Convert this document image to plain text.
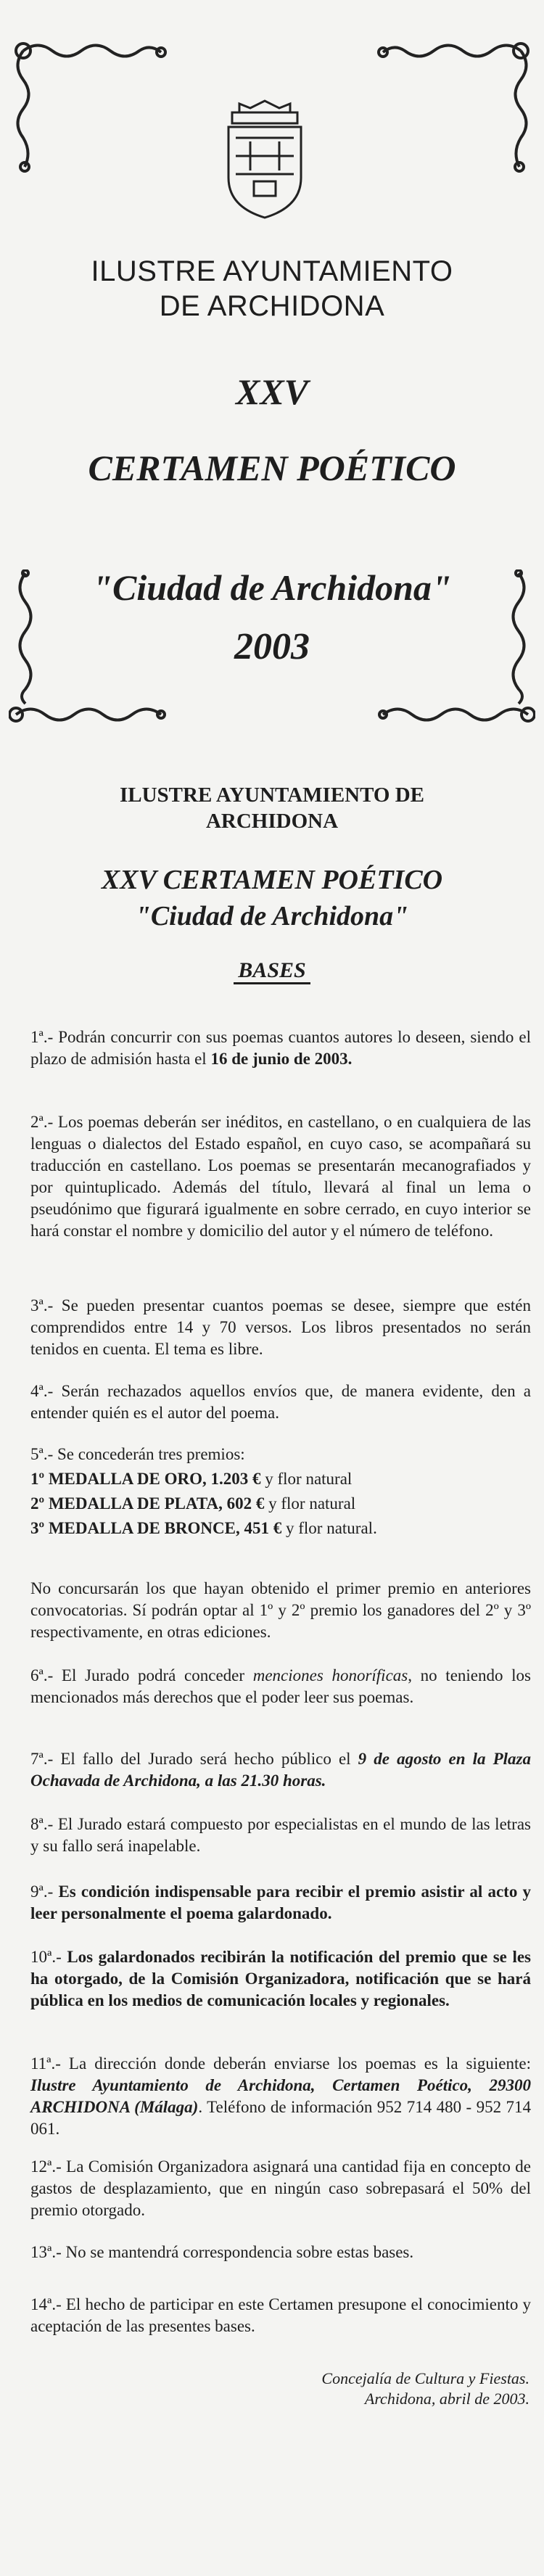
ILUSTRE AYUNTAMIENTO
DE ARCHIDONA
XXV
CERTAMEN POÉTICO
"Ciudad de Archidona"
2003
ILUSTRE AYUNTAMIENTO DE
ARCHIDONA
XXV CERTAMEN POÉTICO
"Ciudad de Archidona"
BASES
1ª.- Podrán concurrir con sus poemas cuantos autores lo deseen, siendo el plazo de admisión hasta el 16 de junio de 2003.
2ª.- Los poemas deberán ser inéditos, en castellano, o en cualquiera de las lenguas o dialectos del Estado español, en cuyo caso, se acompañará su traducción en castellano. Los poemas se presentarán mecanografiados y por quintuplicado. Además del título, llevará al final un lema o pseudónimo que figurará igualmente en sobre cerrado, en cuyo interior se hará constar el nombre y domicilio del autor y el número de teléfono.
3ª.- Se pueden presentar cuantos poemas se desee, siempre que estén comprendidos entre 14 y 70 versos. Los libros presentados no serán tenidos en cuenta. El tema es libre.
4ª.- Serán rechazados aquellos envíos que, de manera evidente, den a entender quién es el autor del poema.
5ª.- Se concederán tres premios:
1º MEDALLA DE ORO, 1.203 € y flor natural
2º MEDALLA DE PLATA, 602 € y flor natural
3º MEDALLA DE BRONCE, 451 € y flor natural.
No concursarán los que hayan obtenido el primer premio en anteriores convocatorias. Sí podrán optar al 1º y 2º premio los ganadores del 2º y 3º respectivamente, en otras ediciones.
6ª.- El Jurado podrá conceder menciones honoríficas, no teniendo los mencionados más derechos que el poder leer sus poemas.
7ª.- El fallo del Jurado será hecho público el 9 de agosto en la Plaza Ochavada de Archidona, a las 21.30 horas.
8ª.- El Jurado estará compuesto por especialistas en el mundo de las letras y su fallo será inapelable.
9ª.- Es condición indispensable para recibir el premio asistir al acto y leer personalmente el poema galardonado.
10ª.- Los galardonados recibirán la notificación del premio que se les ha otorgado, de la Comisión Organizadora, notificación que se hará pública en los medios de comunicación locales y regionales.
11ª.- La dirección donde deberán enviarse los poemas es la siguiente: Ilustre Ayuntamiento de Archidona, Certamen Poético, 29300 ARCHIDONA (Málaga). Teléfono de información 952 714 480 - 952 714 061.
12ª.- La Comisión Organizadora asignará una cantidad fija en concepto de gastos de desplazamiento, que en ningún caso sobrepasará el 50% del premio otorgado.
13ª.- No se mantendrá correspondencia sobre estas bases.
14ª.- El hecho de participar en este Certamen presupone el conocimiento y aceptación de las presentes bases.
Concejalía de Cultura y Fiestas.
Archidona, abril de 2003.
